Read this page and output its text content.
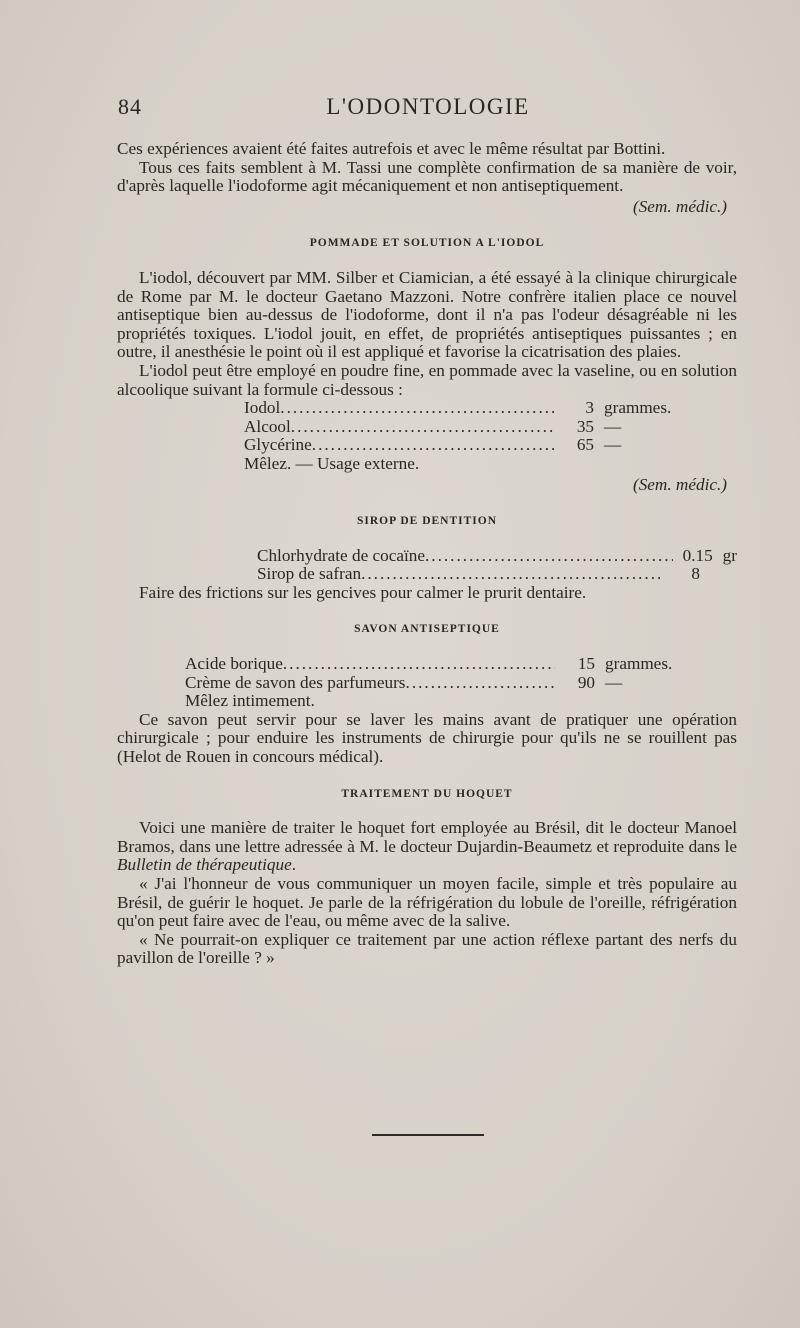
84	L'ODONTOLOGIE

Ces expériences avaient été faites autrefois et avec le même résultat par Bottini.

Tous ces faits semblent à M. Tassi une complète confirmation de sa manière de voir, d'après laquelle l'iodoforme agit mécaniquement et non antiseptiquement.

(Sem. médic.)
POMMADE ET SOLUTION A L'IODOL

L'iodol, découvert par MM. Silber et Ciamician, a été essayé à la clinique chirurgicale de Rome par M. le docteur Gaetano Mazzoni. Notre confrère italien place ce nouvel antiseptique bien au-dessus de l'iodoforme, dont il n'a pas l'odeur désagréable ni les propriétés toxiques. L'iodol jouit, en effet, de propriétés antiseptiques puissantes ; en outre, il anesthésie le point où il est appliqué et favorise la cicatrisation des plaies.

L'iodol peut être employé en poudre fine, en pommade avec la vaseline, ou en solution alcoolique suivant la formule ci-dessous :

Iodol .....	3 grammes.
Alcool .....	35 —
Glycérine .....	65 —
Mêlez. — Usage externe.
(Sem. médic.)
SIROP DE DENTITION
Chlorhydrate de cocaïne .....	0.15 gr
Sirop de safran .....	8

Faire des frictions sur les gencives pour calmer le prurit dentaire.

SAVON ANTISEPTIQUE
Acide borique .....	15 grammes.
Crème de savon des parfumeurs .....	90 —
Mêlez intimement.

Ce savon peut servir pour se laver les mains avant de pratiquer une opération chirurgicale ; pour enduire les instruments de chirurgie pour qu'ils ne se rouillent pas (Helot de Rouen in concours médical).

TRAITEMENT DU HOQUET

Voici une manière de traiter le hoquet fort employée au Brésil, dit le docteur Manoel Bramos, dans une lettre adressée à M. le docteur Dujardin-Beaumetz et reproduite dans le Bulletin de thérapeutique.

« J'ai l'honneur de vous communiquer un moyen facile, simple et très populaire au Brésil, de guérir le hoquet. Je parle de la réfrigération du lobule de l'oreille, réfrigération qu'on peut faire avec de l'eau, ou même avec de la salive.

« Ne pourrait-on expliquer ce traitement par une action réflexe partant des nerfs du pavillon de l'oreille ? »
